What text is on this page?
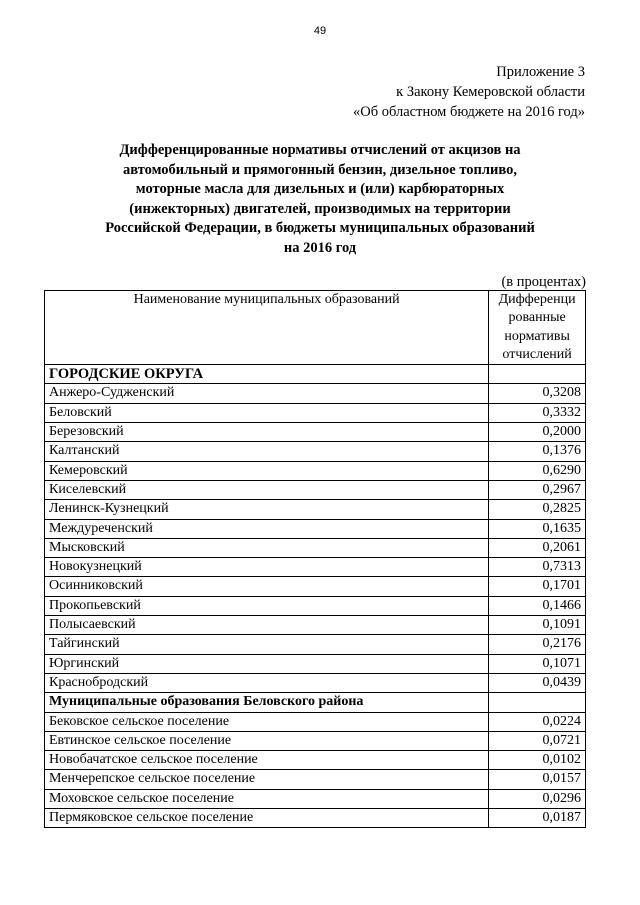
49
Приложение 3
к Закону Кемеровской области
«Об областном бюджете на 2016 год»
Дифференцированные нормативы отчислений от акцизов на
автомобильный и прямогонный бензин, дизельное топливо,
моторные масла для дизельных и (или) карбюраторных
(инжекторных) двигателей, производимых на территории
Российской Федерации, в бюджеты муниципальных образований
на 2016 год
(в процентах)
Наименование муниципальных образований	Дифференци
рованные
нормативы
отчислений

ГОРОДСКИЕ ОКРУГА	
Анжеро-Судженский	0,3208
Беловский	0,3332
Березовский	0,2000
Калтанский	0,1376
Кемеровский	0,6290
Киселевский	0,2967
Ленинск-Кузнецкий	0,2825
Междуреченский	0,1635
Мысковский	0,2061
Новокузнецкий	0,7313
Осинниковский	0,1701
Прокопьевский	0,1466
Полысаевский	0,1091
Тайгинский	0,2176
Юргинский	0,1071
Краснобродский	0,0439
Муниципальные образования Беловского района	
Бековское сельское поселение	0,0224
Евтинское сельское поселение	0,0721
Новобачатское сельское поселение	0,0102
Менчерепское сельское поселение	0,0157
Моховское сельское поселение	0,0296
Пермяковское сельское поселение	0,0187
